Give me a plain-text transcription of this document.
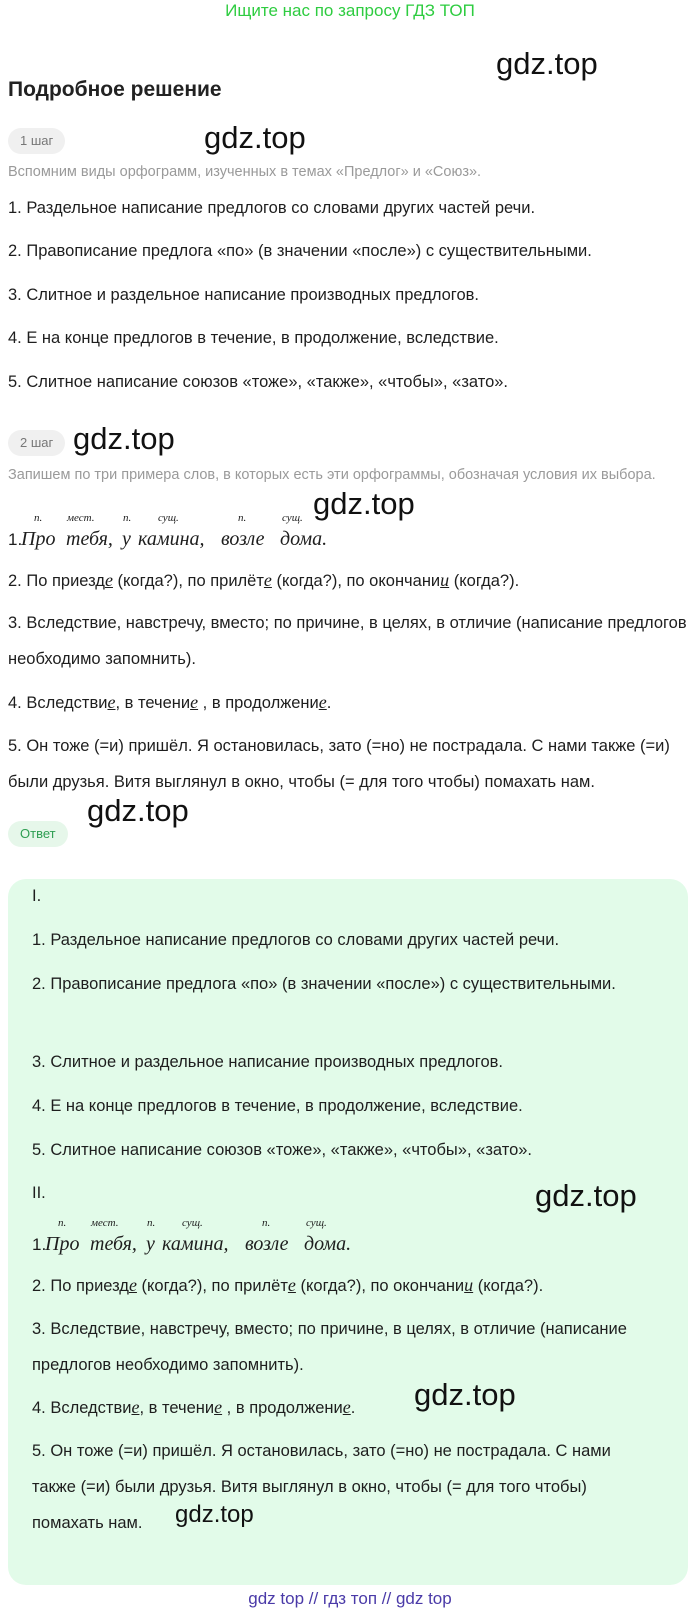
Ищите нас по запросу ГДЗ ТОП
gdz.top
Подробное решение
1 шаг	gdz.top
Вспомним виды орфограмм, изученных в темах «Предлог» и «Союз».
1. Раздельное написание предлогов со словами других частей речи.
2. Правописание предлога «по» (в значении «после») с существительными.
3. Слитное и раздельное написание производных предлогов.
4. Е на конце предлогов в течение, в продолжение, вследствие.
5. Слитное написание союзов «тоже», «также», «чтобы», «зато».
2 шаг gdz.top
Запишем по три примера слов, в которых есть эти орфограммы, обозначая условия их выбора.
gdz.top
1.
п.
Про
мест.
тебя,
п.
у
сущ.
камина,
п.
возле
сущ.
дома.
2. По приезде (когда?), по прилёте (когда?), по окончании (когда?).
3. Вследствие, навстречу, вместо; по причине, в целях, в отличие (написание предлогов необходимо запомнить).
4. Вследствие, в течение , в продолжение.
5. Он тоже (=и) пришёл. Я остановилась, зато (=но) не пострадала. С нами также (=и) были друзья. Витя выглянул в окно, чтобы (= для того чтобы) помахать нам.
gdz.top
Ответ
I.
1. Раздельное написание предлогов со словами других частей речи.
2. Правописание предлога «по» (в значении «после») с существительными.
3. Слитное и раздельное написание производных предлогов.
4. Е на конце предлогов в течение, в продолжение, вследствие.
5. Слитное написание союзов «тоже», «также», «чтобы», «зато».
II.	gdz.top
1.
п.
Про
мест.
тебя,
п.
у
сущ.
камина,
п.
возле
сущ.
дома.
2. По приезде (когда?), по прилёте (когда?), по окончании (когда?).
3. Вследствие, навстречу, вместо; по причине, в целях, в отличие (написание предлогов необходимо запомнить).
gdz.top
4. Вследствие, в течение , в продолжение.
5. Он тоже (=и) пришёл. Я остановилась, зато (=но) не пострадала. С нами также (=и) были друзья. Витя выглянул в окно, чтобы (= для того чтобы) помахать нам.	gdz.top
gdz top // гдз топ // gdz top
